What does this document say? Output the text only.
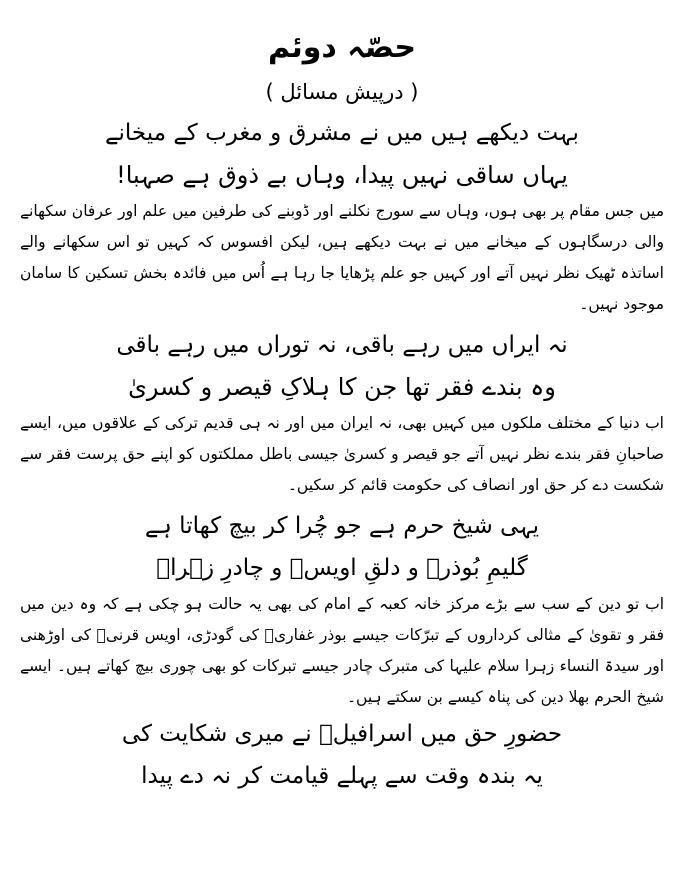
حصّہ دوئم
( درپیش مسائل )
بہت دیکھے ہیں میں نے مشرق و مغرب کے میخانے
یہاں ساقی نہیں پیدا، وہاں بے ذوق ہے صہبا!

میں جس مقام پر بھی ہوں، وہاں سے سورج نکلنے اور ڈوبنے کی طرفین میں علم اور عرفان سکھانے والی درسگاہوں کے میخانے میں نے بہت دیکھے ہیں، لیکن افسوس کہ کہیں تو اس سکھانے والے اساتذہ ٹھیک نظر نہیں آتے اور کہیں جو علم پڑھایا جا رہا ہے اُس میں فائدہ بخش تسکین کا سامان موجود نہیں۔

نہ ایراں میں رہے باقی، نہ توراں میں رہے باقی
وہ بندے فقر تھا جن کا ہلاکِ قیصر و کسریٰ

اب دنیا کے مختلف ملکوں میں کہیں بھی، نہ ایران میں اور نہ ہی قدیم ترکی کے علاقوں میں، ایسے صاحبانِ فقر بندے نظر نہیں آتے جو قیصر و کسریٰ جیسی باطل مملکتوں کو اپنے حق پرست فقر سے شکست دے کر حق اور انصاف کی حکومت قائم کر سکیں۔

یہی شیخ حرم ہے جو چُرا کر بیچ کھاتا ہے
گلیمِ بُوذرؓ و دلقِ اویسؓ و چادرِ زہراؓ

اب تو دین کے سب سے بڑے مرکز خانہ کعبہ کے امام کی بھی یہ حالت ہو چکی ہے کہ وہ دین میں فقر و تقویٰ کے مثالی کرداروں کے تبرّکات جیسے بوذر غفاریؓ کی گودڑی، اویس قرنیؓ کی اوڑھنی اور سیدۃ النساء زہرا سلام علیہا کی متبرک چادر جیسے تبرکات کو بھی چوری بیچ کھاتے ہیں۔ ایسے شیخ الحرم بھلا دین کی پناہ کیسے بن سکتے ہیں۔

حضورِ حق میں اسرافیلؑ نے میری شکایت کی
یہ بندہ وقت سے پہلے قیامت کر نہ دے پیدا
